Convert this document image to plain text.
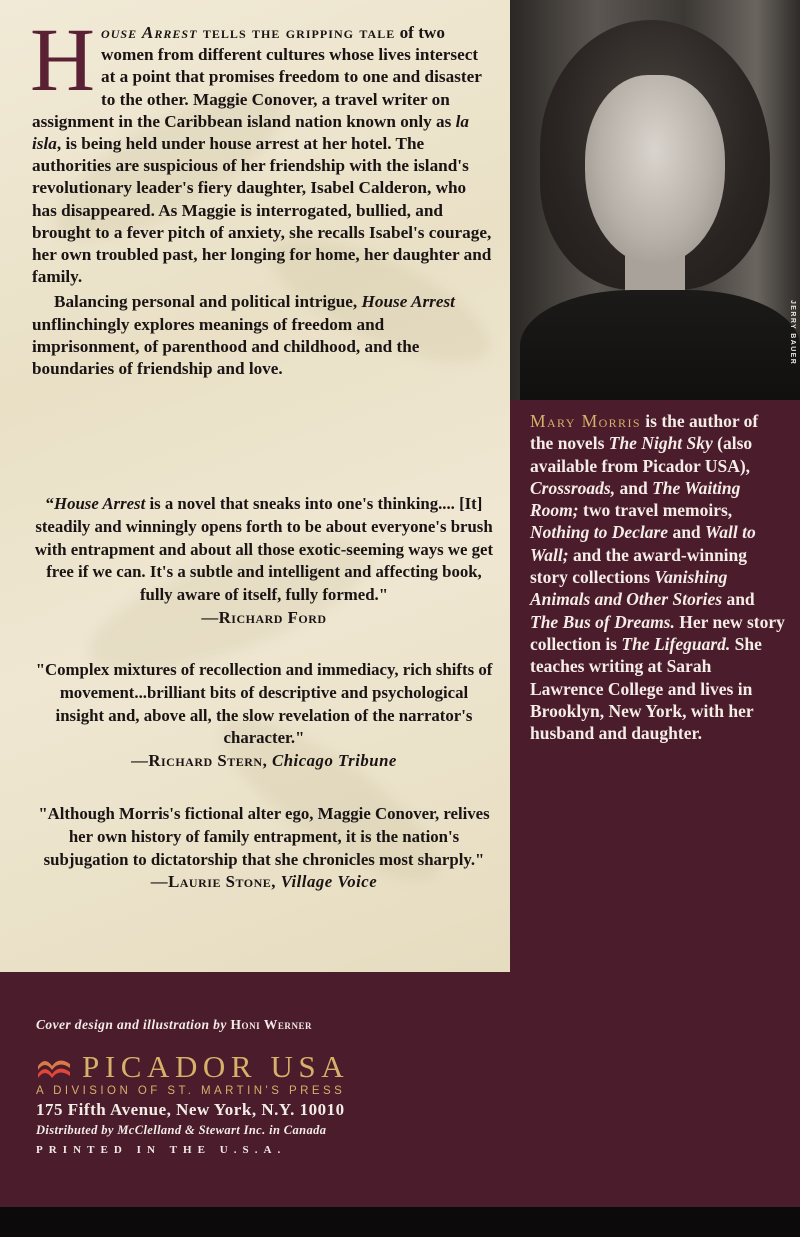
H ouse Arrest tells the gripping tale of two women from different cultures whose lives intersect at a point that promises freedom to one and disaster to the other. Maggie Conover, a travel writer on assignment in the Caribbean island nation known only as la isla, is being held under house arrest at her hotel. The authorities are suspicious of her friendship with the island's revolutionary leader's fiery daughter, Isabel Calderon, who has disappeared. As Maggie is interrogated, bullied, and brought to a fever pitch of anxiety, she recalls Isabel's courage, her own troubled past, her longing for home, her daughter and family.

Balancing personal and political intrigue, House Arrest unflinchingly explores meanings of freedom and imprisonment, of parenthood and childhood, and the boundaries of friendship and love.

“House Arrest is a novel that sneaks into one's thinking.... [It] steadily and winningly opens forth to be about everyone's brush with entrapment and about all those exotic-seeming ways we get free if we can. It's a subtle and intelligent and affecting book, fully aware of itself, fully formed."
—Richard Ford
"Complex mixtures of recollection and immediacy, rich shifts of movement...brilliant bits of descriptive and psychological insight and, above all, the slow revelation of the narrator's character."
—Richard Stern, Chicago Tribune
"Although Morris's fictional alter ego, Maggie Conover, relives her own history of family entrapment, it is the nation's subjugation to dictatorship that she chronicles most sharply."
—Laurie Stone, Village Voice
JERRY BAUER
Mary Morris is the author of the novels The Night Sky (also available from Picador USA), Crossroads, and The Waiting Room; two travel memoirs, Nothing to Declare and Wall to Wall; and the award-winning story collections Vanishing Animals and Other Stories and The Bus of Dreams. Her new story collection is The Lifeguard. She teaches writing at Sarah Lawrence College and lives in Brooklyn, New York, with her husband and daughter.
Cover design and illustration by Honi Werner
PICADOR USA
A DIVISION OF ST. MARTIN'S PRESS
175 Fifth Avenue, New York, N.Y. 10010
Distributed by McClelland & Stewart Inc. in Canada
PRINTED IN THE U.S.A.
